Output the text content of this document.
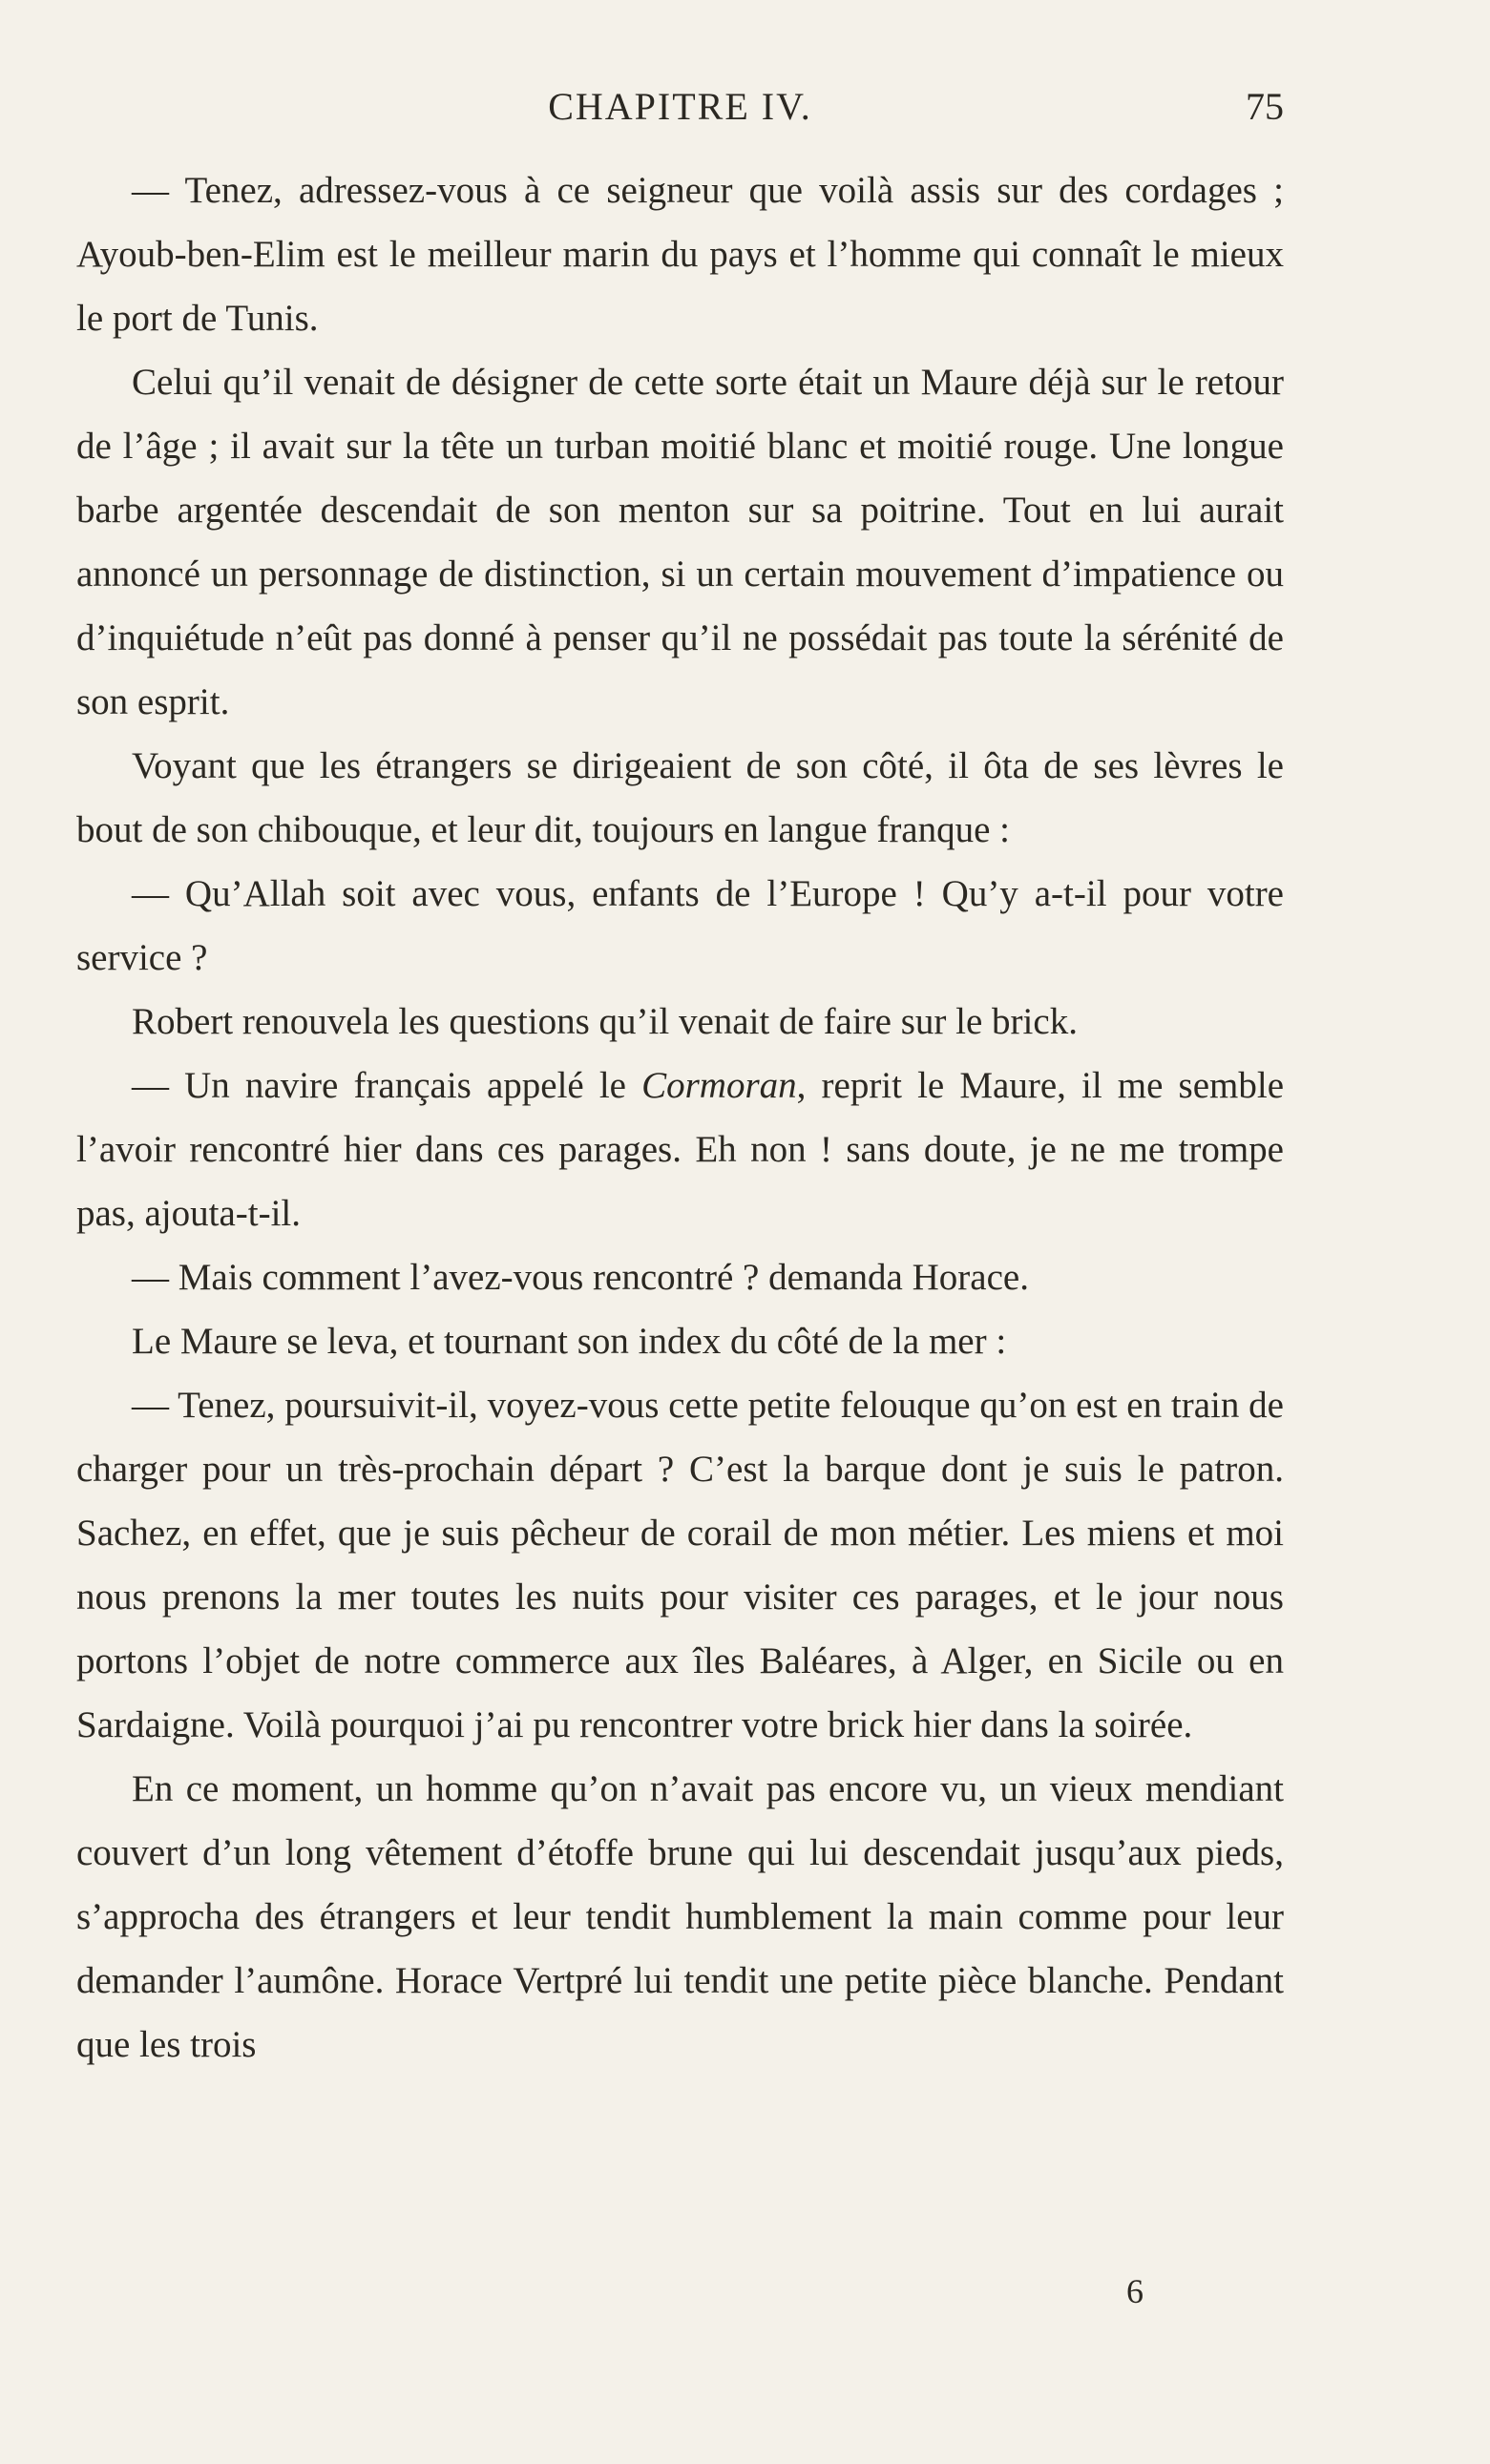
CHAPITRE IV.	75

— Tenez, adressez-vous à ce seigneur que voilà assis sur des cordages ; Ayoub-ben-Elim est le meilleur marin du pays et l’homme qui connaît le mieux le port de Tunis.

Celui qu’il venait de désigner de cette sorte était un Maure déjà sur le retour de l’âge ; il avait sur la tête un turban moitié blanc et moitié rouge. Une longue barbe argentée descendait de son menton sur sa poitrine. Tout en lui aurait annoncé un personnage de distinction, si un certain mouvement d’impatience ou d’inquiétude n’eût pas donné à penser qu’il ne possédait pas toute la sérénité de son esprit.

Voyant que les étrangers se dirigeaient de son côté, il ôta de ses lèvres le bout de son chibouque, et leur dit, toujours en langue franque :

— Qu’Allah soit avec vous, enfants de l’Europe ! Qu’y a-t-il pour votre service ?

Robert renouvela les questions qu’il venait de faire sur le brick.

— Un navire français appelé le Cormoran, reprit le Maure, il me semble l’avoir rencontré hier dans ces parages. Eh non ! sans doute, je ne me trompe pas, ajouta-t-il.

— Mais comment l’avez-vous rencontré ? demanda Horace.

Le Maure se leva, et tournant son index du côté de la mer :

— Tenez, poursuivit-il, voyez-vous cette petite felouque qu’on est en train de charger pour un très-prochain départ ? C’est la barque dont je suis le patron. Sachez, en effet, que je suis pêcheur de corail de mon métier. Les miens et moi nous prenons la mer toutes les nuits pour visiter ces parages, et le jour nous portons l’objet de notre commerce aux îles Baléares, à Alger, en Sicile ou en Sardaigne. Voilà pourquoi j’ai pu rencontrer votre brick hier dans la soirée.

En ce moment, un homme qu’on n’avait pas encore vu, un vieux mendiant couvert d’un long vêtement d’étoffe brune qui lui descendait jusqu’aux pieds, s’approcha des étrangers et leur tendit humblement la main comme pour leur demander l’aumône. Horace Vertpré lui tendit une petite pièce blanche. Pendant que les trois

6
